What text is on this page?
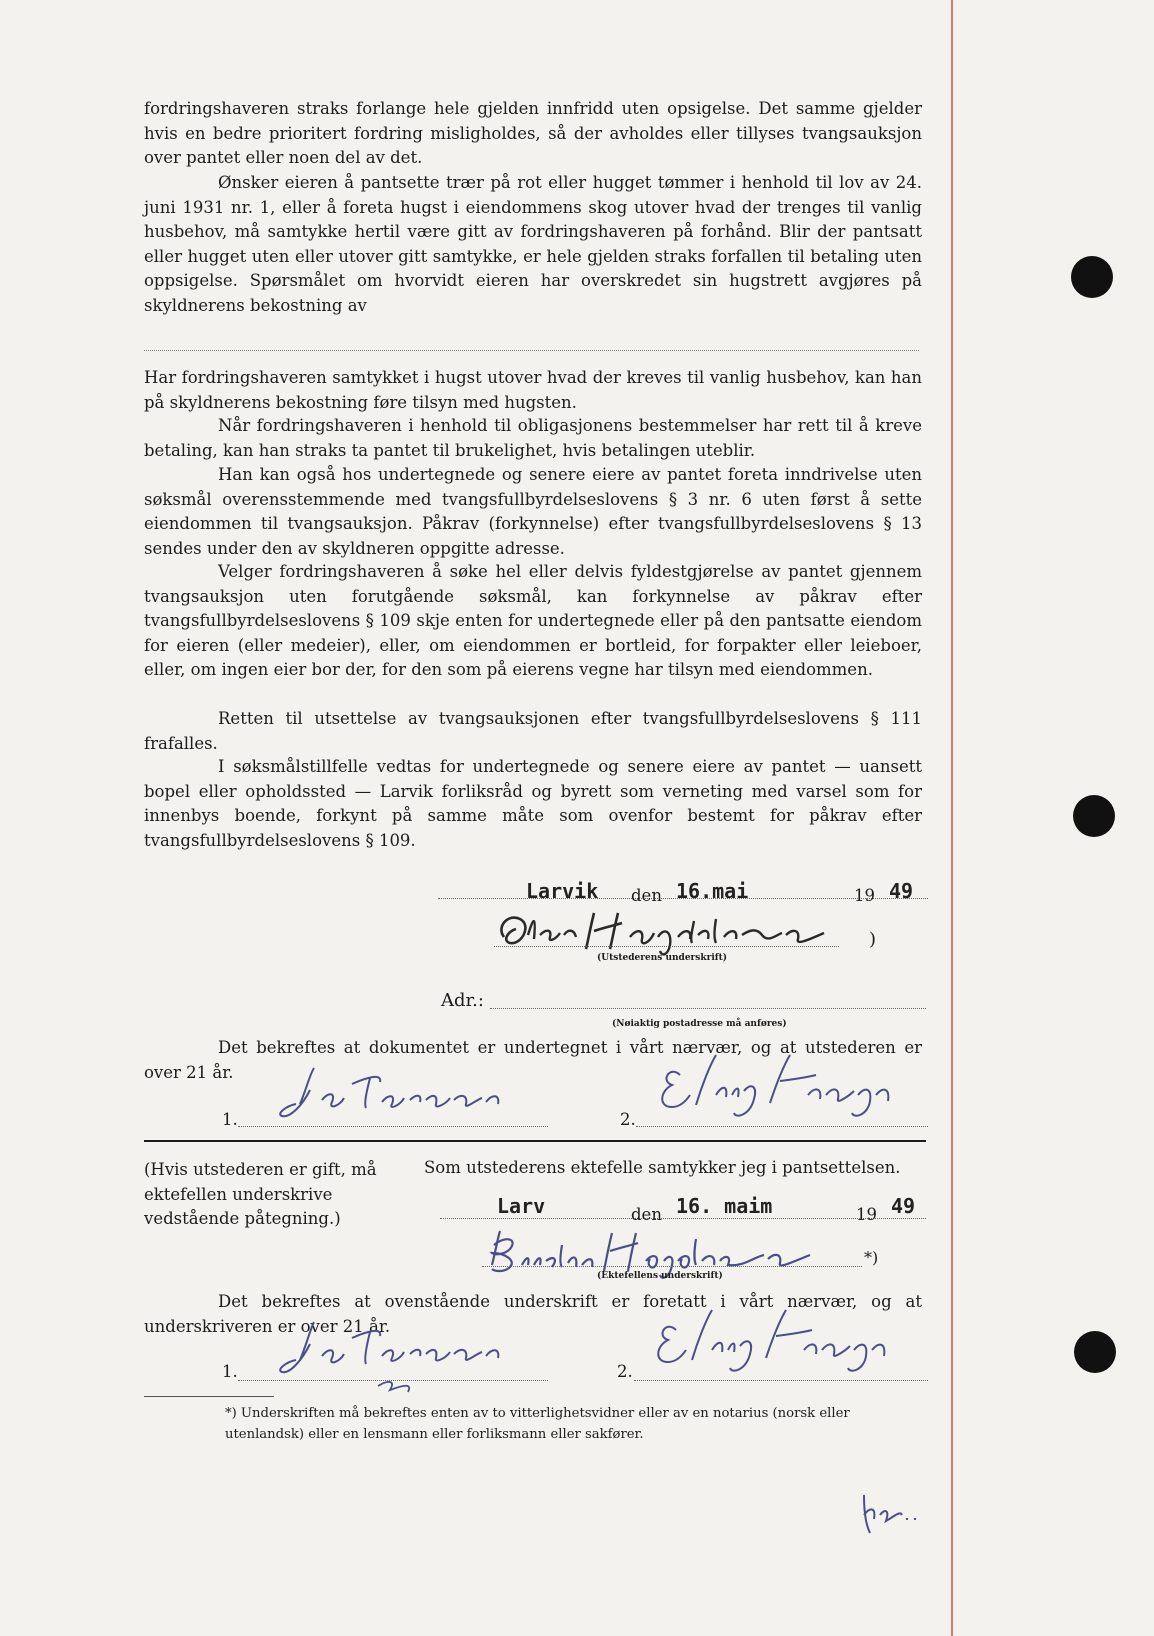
fordringshaveren straks forlange hele gjelden innfridd uten opsigelse. Det samme gjelder hvis en bedre prioritert fordring misligholdes, så der avholdes eller tillyses tvangsauksjon over pantet eller noen del av det.
Ønsker eieren å pantsette trær på rot eller hugget tømmer i henhold til lov av 24. juni 1931 nr. 1, eller å foreta hugst i eiendommens skog utover hvad der trenges til vanlig husbehov, må samtykke hertil være gitt av fordringshaveren på forhånd. Blir der pantsatt eller hugget uten eller utover gitt samtykke, er hele gjelden straks forfallen til betaling uten oppsigelse. Spørsmålet om hvorvidt eieren har overskredet sin hugstrett avgjøres på skyldnerens bekostning av
Har fordringshaveren samtykket i hugst utover hvad der kreves til vanlig husbehov, kan han på skyldnerens bekostning føre tilsyn med hugsten.
Når fordringshaveren i henhold til obligasjonens bestemmelser har rett til å kreve betaling, kan han straks ta pantet til brukelighet, hvis betalingen uteblir.
Han kan også hos undertegnede og senere eiere av pantet foreta inndrivelse uten søksmål overensstemmende med tvangsfullbyrdelseslovens § 3 nr. 6 uten først å sette eiendommen til tvangsauksjon. Påkrav (forkynnelse) efter tvangsfullbyrdelseslovens § 13 sendes under den av skyldneren oppgitte adresse.
Velger fordringshaveren å søke hel eller delvis fyldestgjørelse av pantet gjennem tvangsauksjon uten forutgående søksmål, kan forkynnelse av påkrav efter tvangsfullbyrdelseslovens § 109 skje enten for undertegnede eller på den pantsatte eiendom for eieren (eller medeier), eller, om eiendommen er bortleid, for forpakter eller leieboer, eller, om ingen eier bor der, for den som på eierens vegne har tilsyn med eiendommen.
Retten til utsettelse av tvangsauksjonen efter tvangsfullbyrdelseslovens § 111 frafalles.
I søksmålstillfelle vedtas for undertegnede og senere eiere av pantet — uansett bopel eller opholdssted — Larvik forliksråd og byrett som verneting med varsel som for innenbys boende, forkynt på samme måte som ovenfor bestemt for påkrav efter tvangsfullbyrdelseslovens § 109.
Larvik den 16.mai	19 49
)
(Utstederens underskrift)
Adr.:
(Nøiaktig postadresse må anføres)
Det bekreftes at dokumentet er undertegnet i vårt nærvær, og at utstederen er over 21 år.
1.	2.
(Hvis utstederen er gift, må ektefellen underskrive vedstående påtegning.)
Som utstederens ektefelle samtykker jeg i pantsettelsen.
Larv	den 16. maim	19 49
*)
(Ektefellens underskrift)
Det bekreftes at ovenstående underskrift er foretatt i vårt nærvær, og at underskriveren er over 21 år.
1.	2.
*) Underskriften må bekreftes enten av to vitterlighetsvidner eller av en notarius (norsk eller utenlandsk) eller en lensmann eller forliksmann eller sakfører.
